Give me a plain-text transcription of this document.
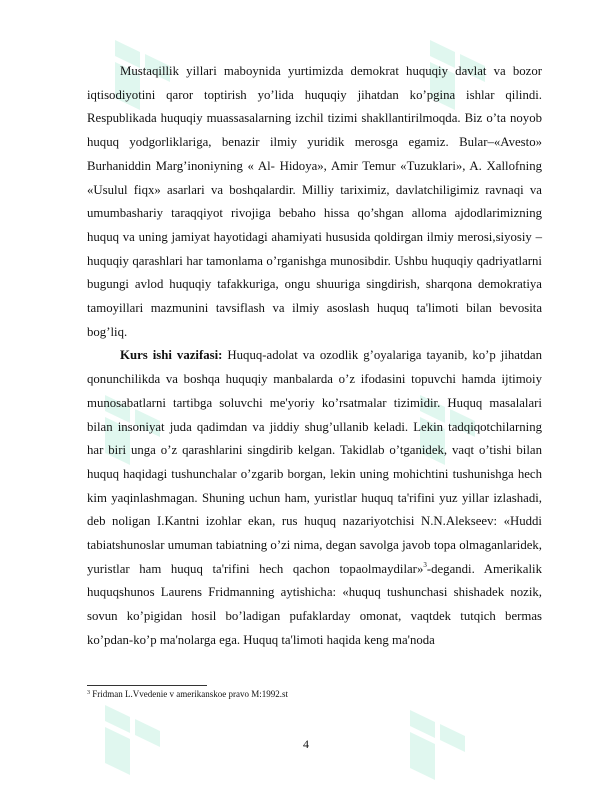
Mustaqillik yillari maboynida yurtimizda demokrat huquqiy davlat va bozor iqtisodiyotini qaror toptirish yo’lida huquqiy jihatdan ko’pgina ishlar qilindi. Respublikada huquqiy muassasalarning izchil tizimi shakllantirilmoqda. Biz o’ta noyob huquq yodgorliklariga, benazir ilmiy yuridik merosga egamiz. Bular–«Avesto» Burhaniddin Marg’inoniyning « Al- Hidoya», Amir Temur «Tuzuklari», A. Xallofning «Usulul fiqx» asarlari va boshqalardir. Milliy tariximiz, davlatchiligimiz ravnaqi va umumbashariy taraqqiyot rivojiga bebaho hissa qo’shgan alloma ajdodlarimizning huquq va uning jamiyat hayotidagi ahamiyati hususida qoldirgan ilmiy merosi,siyosiy –huquqiy qarashlari har tamonlama o’rganishga munosibdir. Ushbu huquqiy qadriyatlarni bugungi avlod huquqiy tafakkuriga, ongu shuuriga singdirish, sharqona demokratiya tamoyillari mazmunini tavsiflash va ilmiy asoslash huquq ta'limoti bilan bevosita bog’liq.

Kurs ishi vazifasi: Huquq-adolat va ozodlik g’oyalariga tayanib, ko’p jihatdan qonunchilikda va boshqa huquqiy manbalarda o’z ifodasini topuvchi hamda ijtimoiy munosabatlarni tartibga soluvchi me'yoriy ko’rsatmalar tizimidir. Huquq masalalari bilan insoniyat juda qadimdan va jiddiy shug’ullanib keladi. Lekin tadqiqotchilarning har biri unga o’z qarashlarini singdirib kelgan. Takidlab o’tganidek, vaqt o’tishi bilan huquq haqidagi tushunchalar o’zgarib borgan, lekin uning mohichtini tushunishga hech kim yaqinlashmagan. Shuning uchun ham, yuristlar huquq ta'rifini yuz yillar izlashadi, deb noligan I.Kantni izohlar ekan, rus huquq nazariyotchisi N.N.Alekseev: «Huddi tabiatshunoslar umuman tabiatning o’zi nima, degan savolga javob topa olmaganlaridek, yuristlar ham huquq ta'rifini hech qachon topaolmaydilar»$^3$-degandi. Amerikalik huquqshunos Laurens Fridmanning aytishicha: «huquq tushunchasi shishadek nozik, sovun ko’pigidan hosil bo’ladigan pufaklarday omonat, vaqtdek tutqich bermas ko’pdan-ko’p ma'nolarga ega. Huquq ta'limoti haqida keng ma'noda

$^3$ Fridman L.Vvedenie v amerikanskoe pravo M:1992.st
4
